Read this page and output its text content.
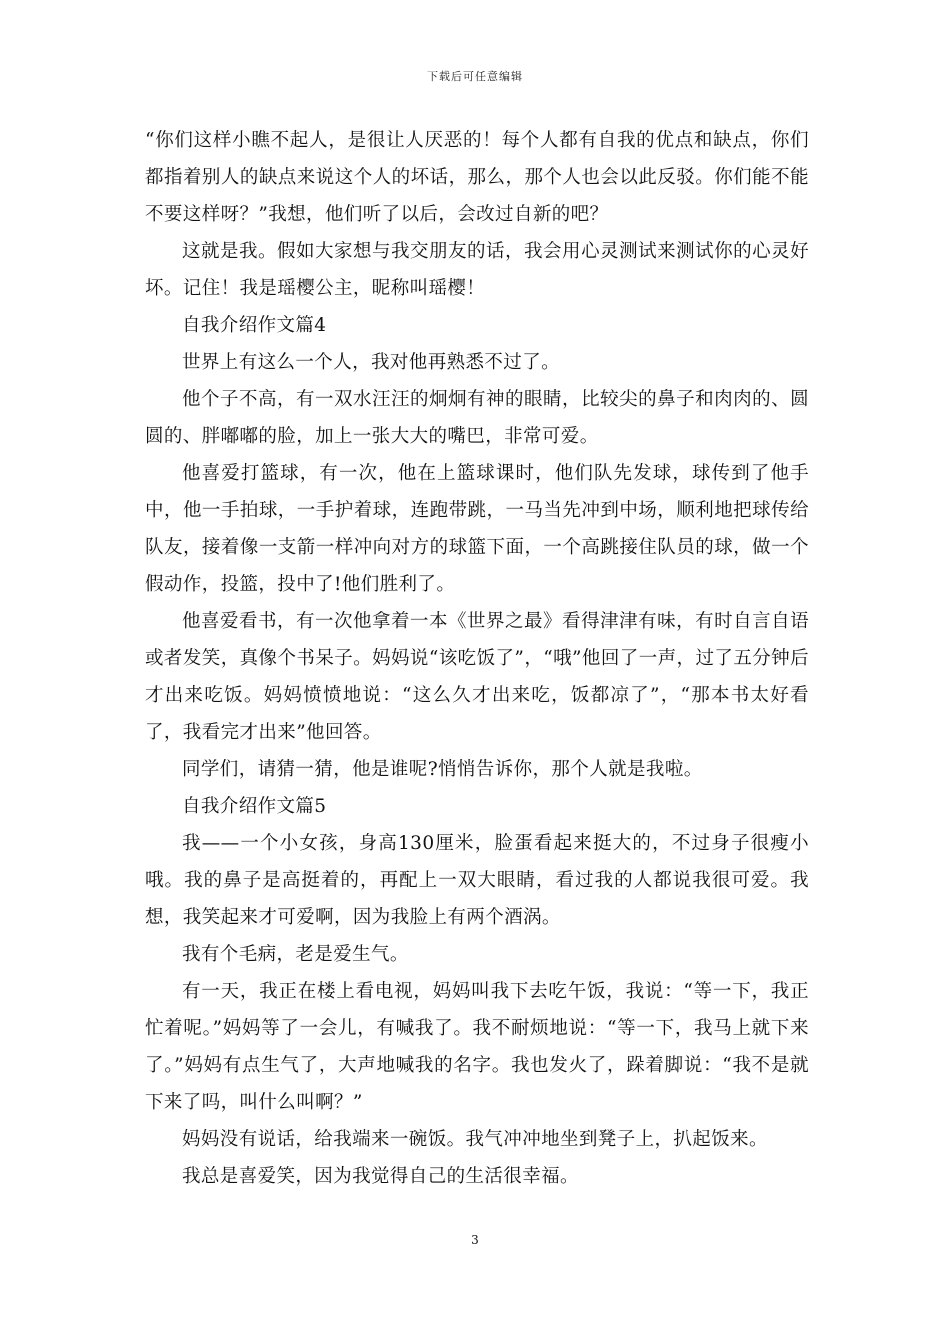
下载后可任意编辑

“你们这样小瞧不起人，是很让人厌恶的！每个人都有自我的优点和缺点，你们都指着别人的缺点来说这个人的坏话，那么，那个人也会以此反驳。你们能不能不要这样呀？”我想，他们听了以后，会改过自新的吧？

这就是我。假如大家想与我交朋友的话，我会用心灵测试来测试你的心灵好坏。记住！我是瑶樱公主，昵称叫瑶樱！

自我介绍作文篇4

世界上有这么一个人，我对他再熟悉不过了。

他个子不高，有一双水汪汪的炯炯有神的眼睛，比较尖的鼻子和肉肉的、圆圆的、胖嘟嘟的脸，加上一张大大的嘴巴，非常可爱。

他喜爱打篮球，有一次，他在上篮球课时，他们队先发球，球传到了他手中，他一手拍球，一手护着球，连跑带跳，一马当先冲到中场，顺利地把球传给队友，接着像一支箭一样冲向对方的球篮下面，一个高跳接住队员的球，做一个假动作，投篮，投中了!他们胜利了。

他喜爱看书，有一次他拿着一本《世界之最》看得津津有味，有时自言自语或者发笑，真像个书呆子。妈妈说“该吃饭了”，“哦”他回了一声，过了五分钟后才出来吃饭。妈妈愤愤地说：“这么久才出来吃，饭都凉了”，“那本书太好看了，我看完才出来”他回答。

同学们，请猜一猜，他是谁呢?悄悄告诉你，那个人就是我啦。

自我介绍作文篇5

我——一个小女孩，身高130厘米，脸蛋看起来挺大的，不过身子很瘦小哦。我的鼻子是高挺着的，再配上一双大眼睛，看过我的人都说我很可爱。我想，我笑起来才可爱啊，因为我脸上有两个酒涡。

我有个毛病，老是爱生气。

有一天，我正在楼上看电视，妈妈叫我下去吃午饭，我说：“等一下，我正忙着呢。”妈妈等了一会儿，有喊我了。我不耐烦地说：“等一下，我马上就下来了。”妈妈有点生气了，大声地喊我的名字。我也发火了，跺着脚说：“我不是就下来了吗，叫什么叫啊？”

妈妈没有说话，给我端来一碗饭。我气冲冲地坐到凳子上，扒起饭来。

我总是喜爱笑，因为我觉得自己的生活很幸福。

3
